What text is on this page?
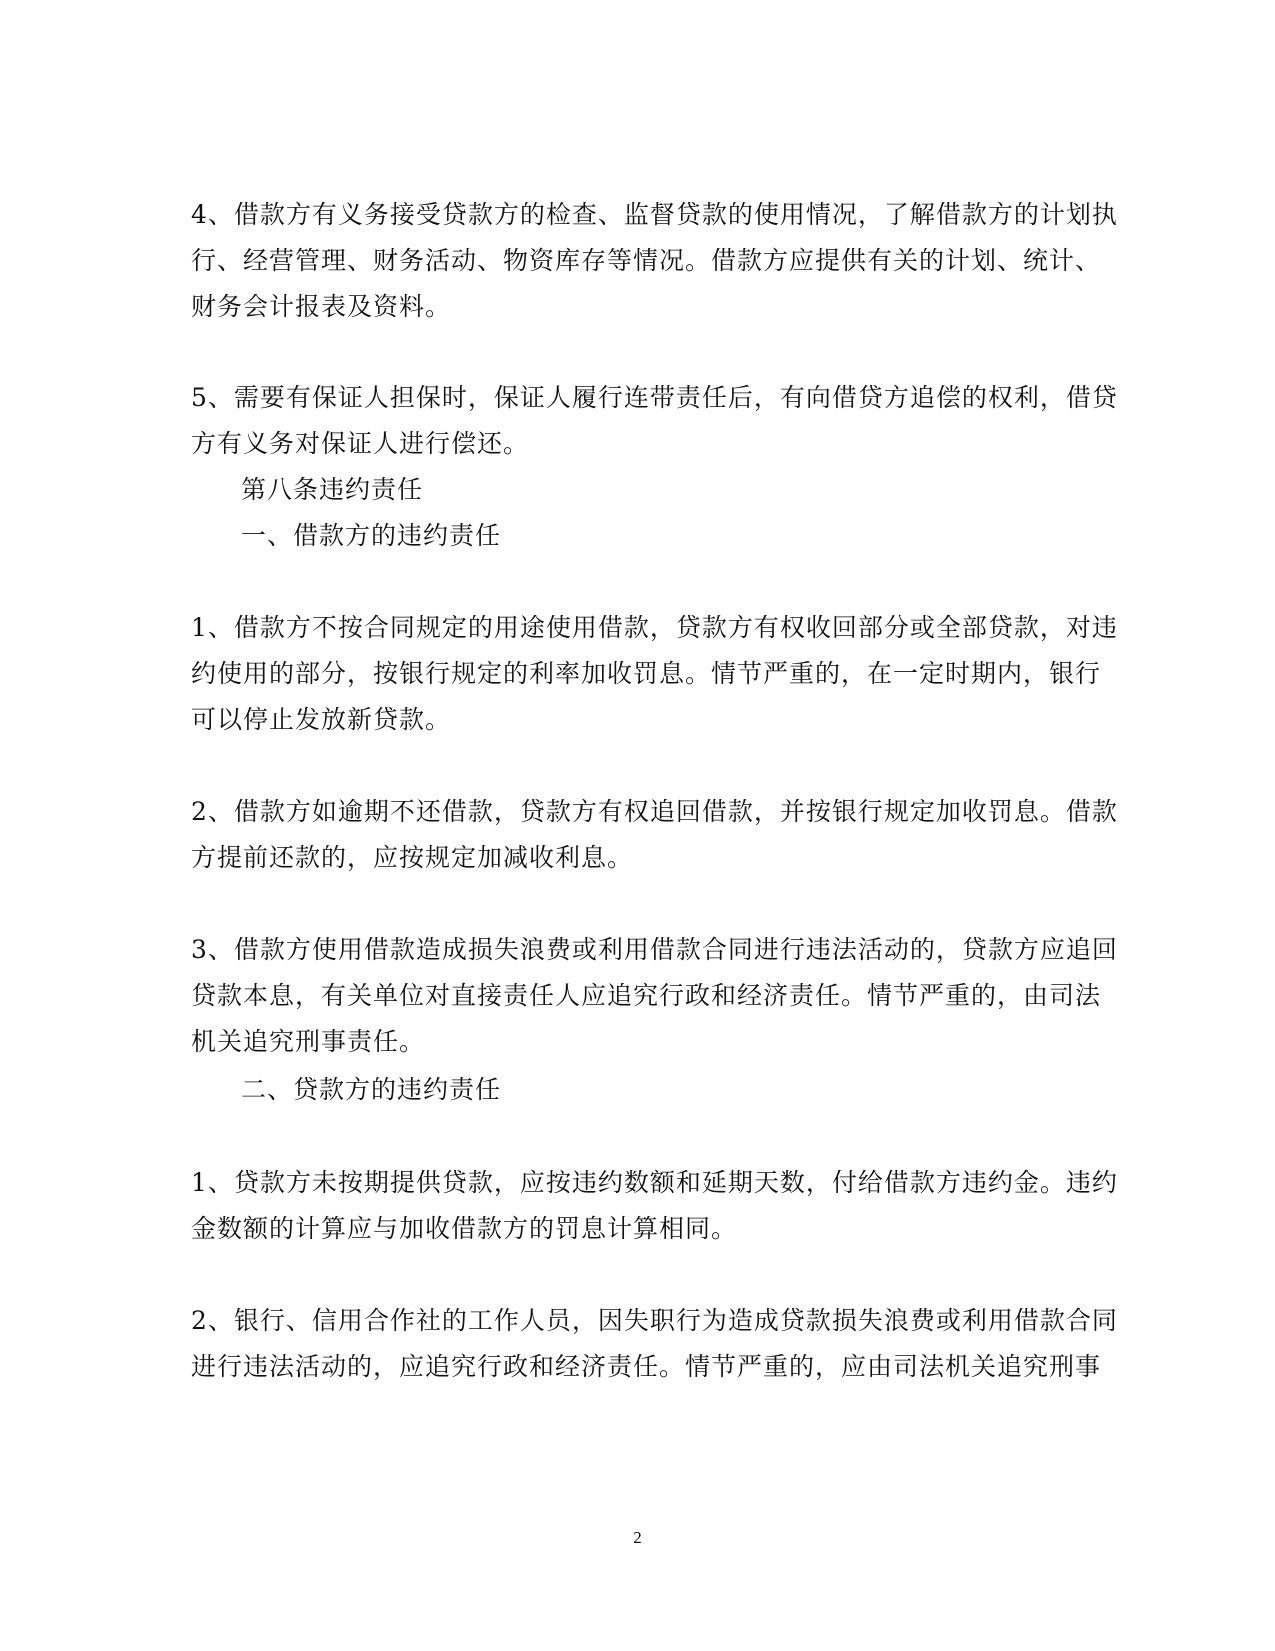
4、借款方有义务接受贷款方的检查、监督贷款的使用情况，了解借款方的计划执
行、经营管理、财务活动、物资库存等情况。借款方应提供有关的计划、统计、
财务会计报表及资料。

5、需要有保证人担保时，保证人履行连带责任后，有向借贷方追偿的权利，借贷
方有义务对保证人进行偿还。

第八条违约责任
一、借款方的违约责任

1、借款方不按合同规定的用途使用借款，贷款方有权收回部分或全部贷款，对违
约使用的部分，按银行规定的利率加收罚息。情节严重的，在一定时期内，银行
可以停止发放新贷款。

2、借款方如逾期不还借款，贷款方有权追回借款，并按银行规定加收罚息。借款
方提前还款的，应按规定加减收利息。

3、借款方使用借款造成损失浪费或利用借款合同进行违法活动的，贷款方应追回
贷款本息，有关单位对直接责任人应追究行政和经济责任。情节严重的，由司法
机关追究刑事责任。

二、贷款方的违约责任

1、贷款方未按期提供贷款，应按违约数额和延期天数，付给借款方违约金。违约
金数额的计算应与加收借款方的罚息计算相同。

2、银行、信用合作社的工作人员，因失职行为造成贷款损失浪费或利用借款合同
进行违法活动的，应追究行政和经济责任。情节严重的，应由司法机关追究刑事

2
